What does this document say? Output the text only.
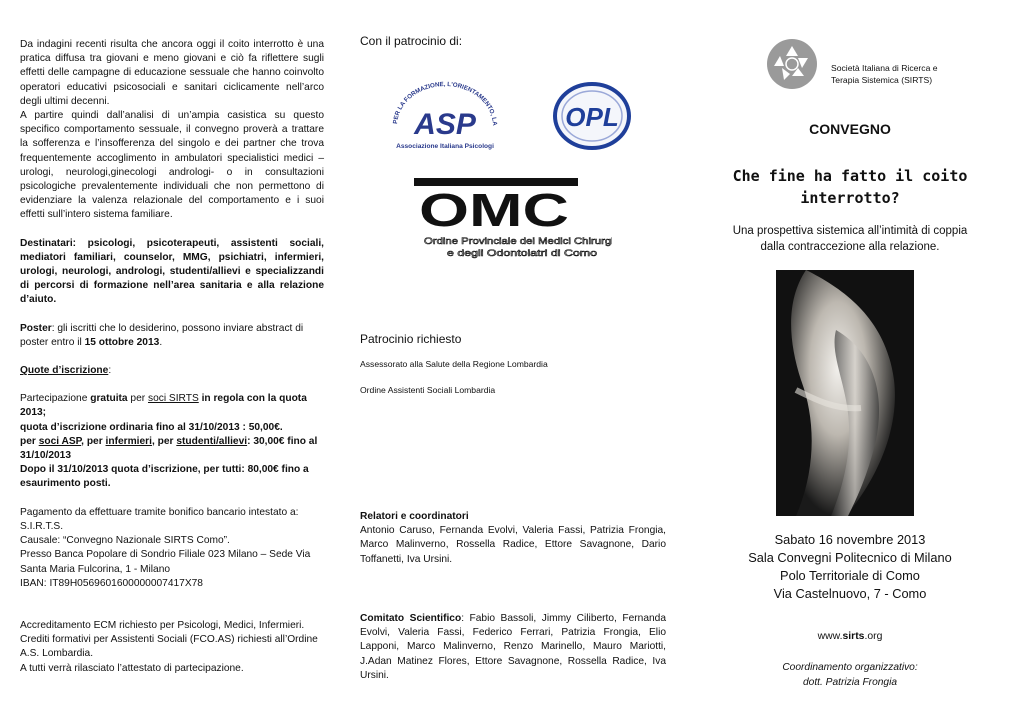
Da indagini recenti risulta che ancora oggi il coito interrotto è una pratica diffusa tra giovani e meno giovani e ciò fa riflettere sugli effetti delle campagne di educazione sessuale che hanno coinvolto operatori educativi psicosociali e sanitari ciclicamente nell’arco degli ultimi decenni.

A partire quindi dall’analisi di un’ampia casistica su questo specifico comportamento sessuale, il convegno proverà a trattare la sofferenza e l’insofferenza del singolo e dei partner che trova frequentemente accoglimento in ambulatori specialistici medici – urologi, neurologi,ginecologi andrologi- o in consultazioni psicologiche prevalentemente individuali che non permettono di evidenziare la valenza relazionale del comportamento e i suoi effetti sull’intero sistema familiare.

Destinatari: psicologi, psicoterapeuti, assistenti sociali, mediatori familiari, counselor, MMG, psichiatri, infermieri, urologi, neurologi, andrologi, studenti/allievi e specializzandi di percorsi di formazione nell’area sanitaria e alla relazione d’aiuto.

Poster: gli iscritti che lo desiderino, possono inviare abstract di poster entro il 15 ottobre 2013.

Quote d’iscrizione:

Partecipazione gratuita per soci SIRTS in regola con la quota 2013;

quota d’iscrizione ordinaria fino al 31/10/2013 : 50,00€.

per soci ASP, per infermieri, per studenti/allievi: 30,00€ fino al 31/10/2013

Dopo il 31/10/2013 quota d’iscrizione, per tutti: 80,00€ fino a esaurimento posti.

Pagamento da effettuare tramite bonifico bancario intestato a:

S.I.R.T.S.

Causale: “Convegno Nazionale SIRTS Como”.

Presso Banca Popolare di Sondrio Filiale 023 Milano – Sede Via Santa Maria Fulcorina, 1 - Milano

IBAN: IT89H0569601600000007417X78

Accreditamento ECM richiesto per Psicologi, Medici, Infermieri.

Crediti formativi per Assistenti Sociali (FCO.AS) richiesti all’Ordine A.S. Lombardia.

A tutti verrà rilasciato l’attestato di partecipazione.

Con il patrocinio di:

PER LA FORMAZIONE, L'ORIENTAMENTO, LA
ASP
Associazione Italiana Psicologi
OPL
OMC
Ordine Provinciale dei Medici Chirurghi
e degli Odontoiatri di Como

Patrocinio richiesto

Assessorato alla Salute della Regione Lombardia

Ordine Assistenti Sociali Lombardia

Relatori e coordinatori

Antonio Caruso, Fernanda Evolvi, Valeria Fassi, Patrizia Frongia, Marco Malinverno, Rossella Radice, Ettore Savagnone, Dario Toffanetti, Iva Ursini.

Comitato Scientifico: Fabio Bassoli, Jimmy Ciliberto, Fernanda Evolvi, Valeria Fassi, Federico Ferrari, Patrizia Frongia, Elio Lapponi, Marco Malinverno, Renzo Marinello, Mauro Mariotti, J.Adan Matinez Flores, Ettore Savagnone, Rossella Radice, Iva Ursini.

Società Italiana di Ricerca e

Terapia Sistemica (SIRTS)

CONVEGNO

Che fine ha fatto il coito

interrotto?

Una prospettiva sistemica all’intimità di coppia

dalla contraccezione alla relazione.

Sabato 16 novembre 2013

Sala Convegni Politecnico di Milano

Polo Territoriale di Como

Via Castelnuovo, 7 - Como

www.sirts.org

Coordinamento organizzativo:

dott. Patrizia Frongia
